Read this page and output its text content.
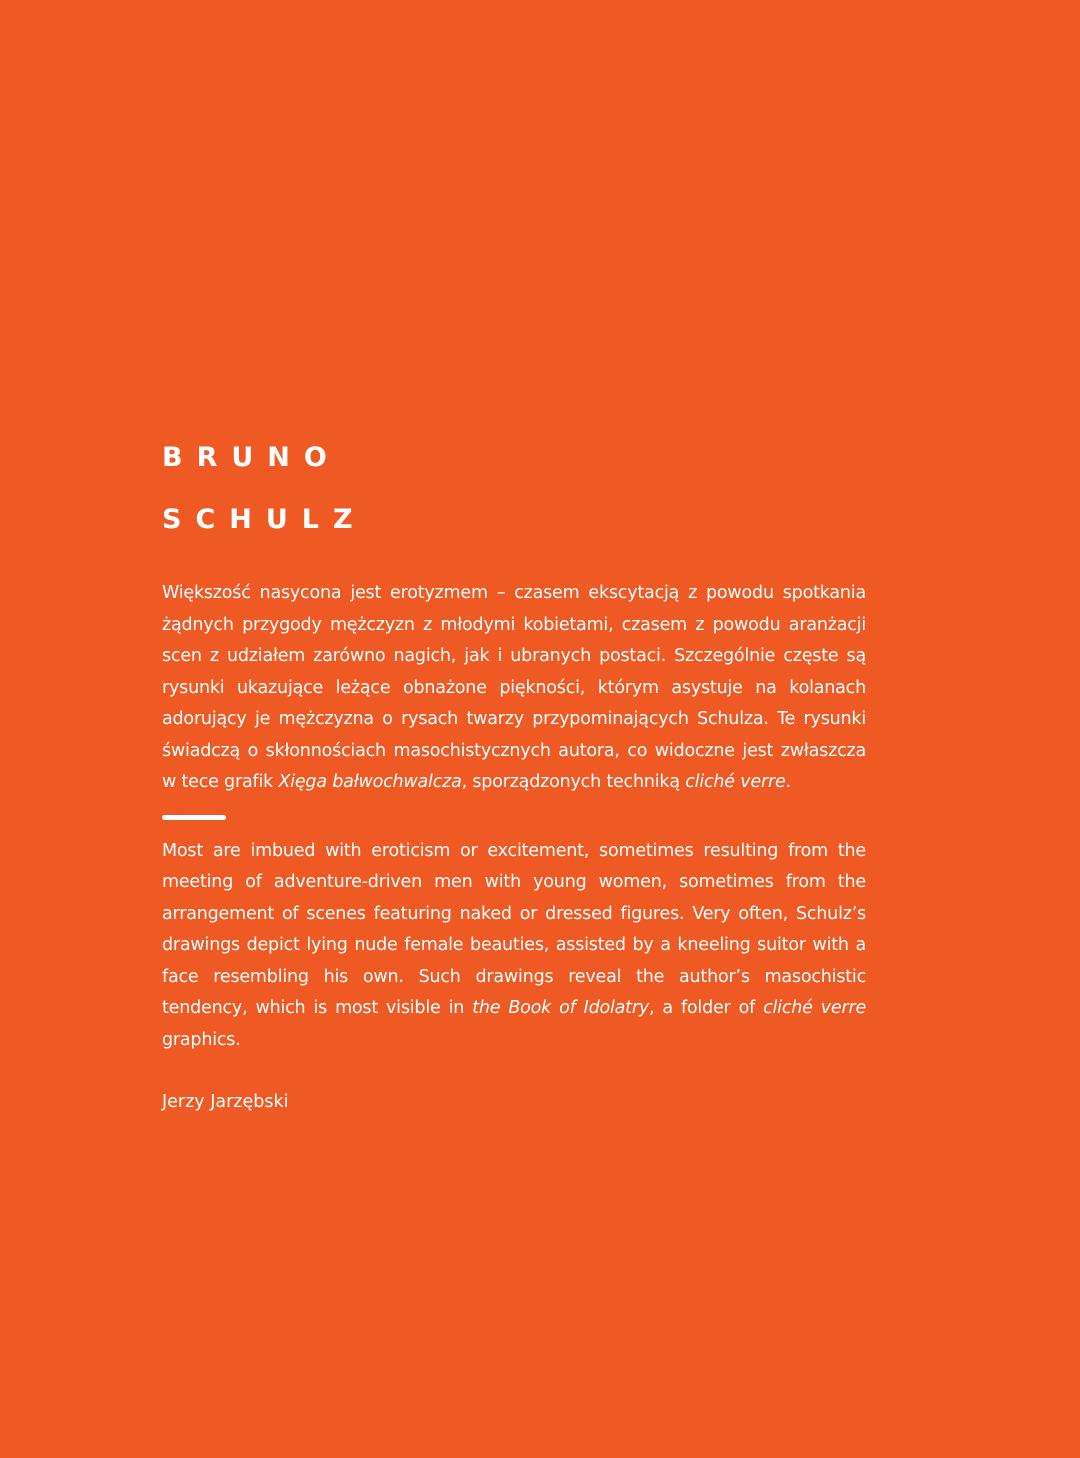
BRUNO
SCHULZ

Większość nasycona jest erotyzmem – czasem ekscytacją z powodu spotkania żądnych przygody mężczyzn z młodymi kobietami, czasem z powodu aranżacji scen z udziałem zarówno nagich, jak i ubranych postaci. Szczególnie częste są rysunki ukazujące leżące obnażone piękności, którym asystuje na kolanach adorujący je mężczyzna o rysach twarzy przypominających Schulza. Te rysunki świadczą o skłonnościach masochistycznych autora, co widoczne jest zwłaszcza w tece grafik Xięga bałwochwalcza, sporządzonych techniką cliché verre.

Most are imbued with eroticism or excitement, sometimes resulting from the meeting of adventure-driven men with young women, sometimes from the arrangement of scenes featuring naked or dressed figures. Very often, Schulz’s drawings depict lying nude female beauties, assisted by a kneeling suitor with a face resembling his own. Such drawings reveal the author’s masochistic tendency, which is most visible in the Book of Idolatry, a folder of cliché verre graphics.

Jerzy Jarzębski
